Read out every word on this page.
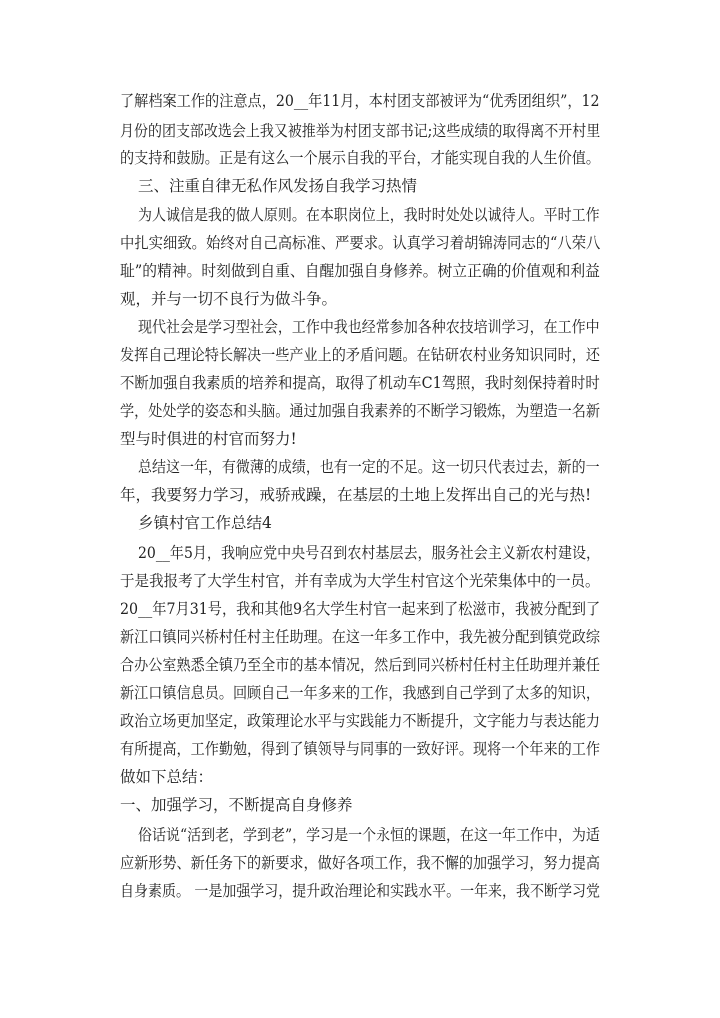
了解档案工作的注意点，20__年11月，本村团支部被评为“优秀团组织”，12
月份的团支部改选会上我又被推举为村团支部书记;这些成绩的取得离不开村里
的支持和鼓励。正是有这么一个展示自我的平台，才能实现自我的人生价值。
三、注重自律无私作风发扬自我学习热情
为人诚信是我的做人原则。在本职岗位上，我时时处处以诚待人。平时工作
中扎实细致。始终对自己高标准、严要求。认真学习着胡锦涛同志的“八荣八
耻”的精神。时刻做到自重、自醒加强自身修养。树立正确的价值观和利益
观，并与一切不良行为做斗争。
现代社会是学习型社会，工作中我也经常参加各种农技培训学习，在工作中
发挥自己理论特长解决一些产业上的矛盾问题。在钻研农村业务知识同时，还
不断加强自我素质的培养和提高，取得了机动车C1驾照，我时刻保持着时时
学，处处学的姿态和头脑。通过加强自我素养的不断学习锻炼，为塑造一名新
型与时俱进的村官而努力!
总结这一年，有微薄的成绩，也有一定的不足。这一切只代表过去，新的一
年，我要努力学习，戒骄戒躁，在基层的土地上发挥出自己的光与热!
乡镇村官工作总结4
20__年5月，我响应党中央号召到农村基层去，服务社会主义新农村建设，
于是我报考了大学生村官，并有幸成为大学生村官这个光荣集体中的一员。
20__年7月31号，我和其他9名大学生村官一起来到了松滋市，我被分配到了
新江口镇同兴桥村任村主任助理。在这一年多工作中，我先被分配到镇党政综
合办公室熟悉全镇乃至全市的基本情况，然后到同兴桥村任村主任助理并兼任
新江口镇信息员。回顾自己一年多来的工作，我感到自己学到了太多的知识，
政治立场更加坚定，政策理论水平与实践能力不断提升，文字能力与表达能力
有所提高，工作勤勉，得到了镇领导与同事的一致好评。现将一个年来的工作
做如下总结：
一、加强学习，不断提高自身修养
俗话说“活到老，学到老”，学习是一个永恒的课题，在这一年工作中，为适
应新形势、新任务下的新要求，做好各项工作，我不懈的加强学习，努力提高
自身素质。 一是加强学习，提升政治理论和实践水平。一年来，我不断学习党
